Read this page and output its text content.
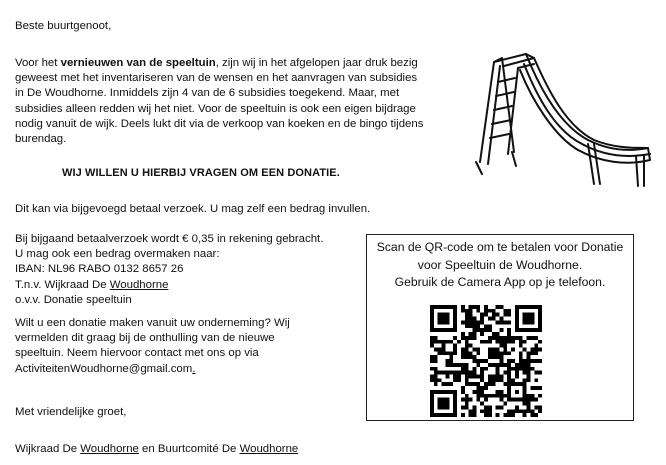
Beste buurtgenoot,
Voor het vernieuwen van de speeltuin, zijn wij in het afgelopen jaar druk bezig
geweest met het inventariseren van de wensen en het aanvragen van subsidies
in De Woudhorne. Inmiddels zijn 4 van de 6 subsidies toegekend. Maar, met
subsidies alleen redden wij het niet. Voor de speeltuin is ook een eigen bijdrage
nodig vanuit de wijk. Deels lukt dit via de verkoop van koeken en de bingo tijdens
burendag.
WIJ WILLEN U HIERBIJ VRAGEN OM EEN DONATIE.
Dit kan via bijgevoegd betaal verzoek. U mag zelf een bedrag invullen.
Bij bijgaand betaalverzoek wordt € 0,35 in rekening gebracht.
U mag ook een bedrag overmaken naar:
IBAN: NL96 RABO 0132 8657 26
T.n.v. Wijkraad De Woudhorne
o.v.v. Donatie speeltuin
Wilt u een donatie maken vanuit uw onderneming? Wij
vermelden dit graag bij de onthulling van de nieuwe
speeltuin. Neem hiervoor contact met ons op via
ActiviteitenWoudhorne@gmail.com.
Met vriendelijke groet,
Wijkraad De Woudhorne en Buurtcomité De Woudhorne
Scan de QR-code om te betalen voor Donatie
voor Speeltuin de Woudhorne.
Gebruik de Camera App op je telefoon.
